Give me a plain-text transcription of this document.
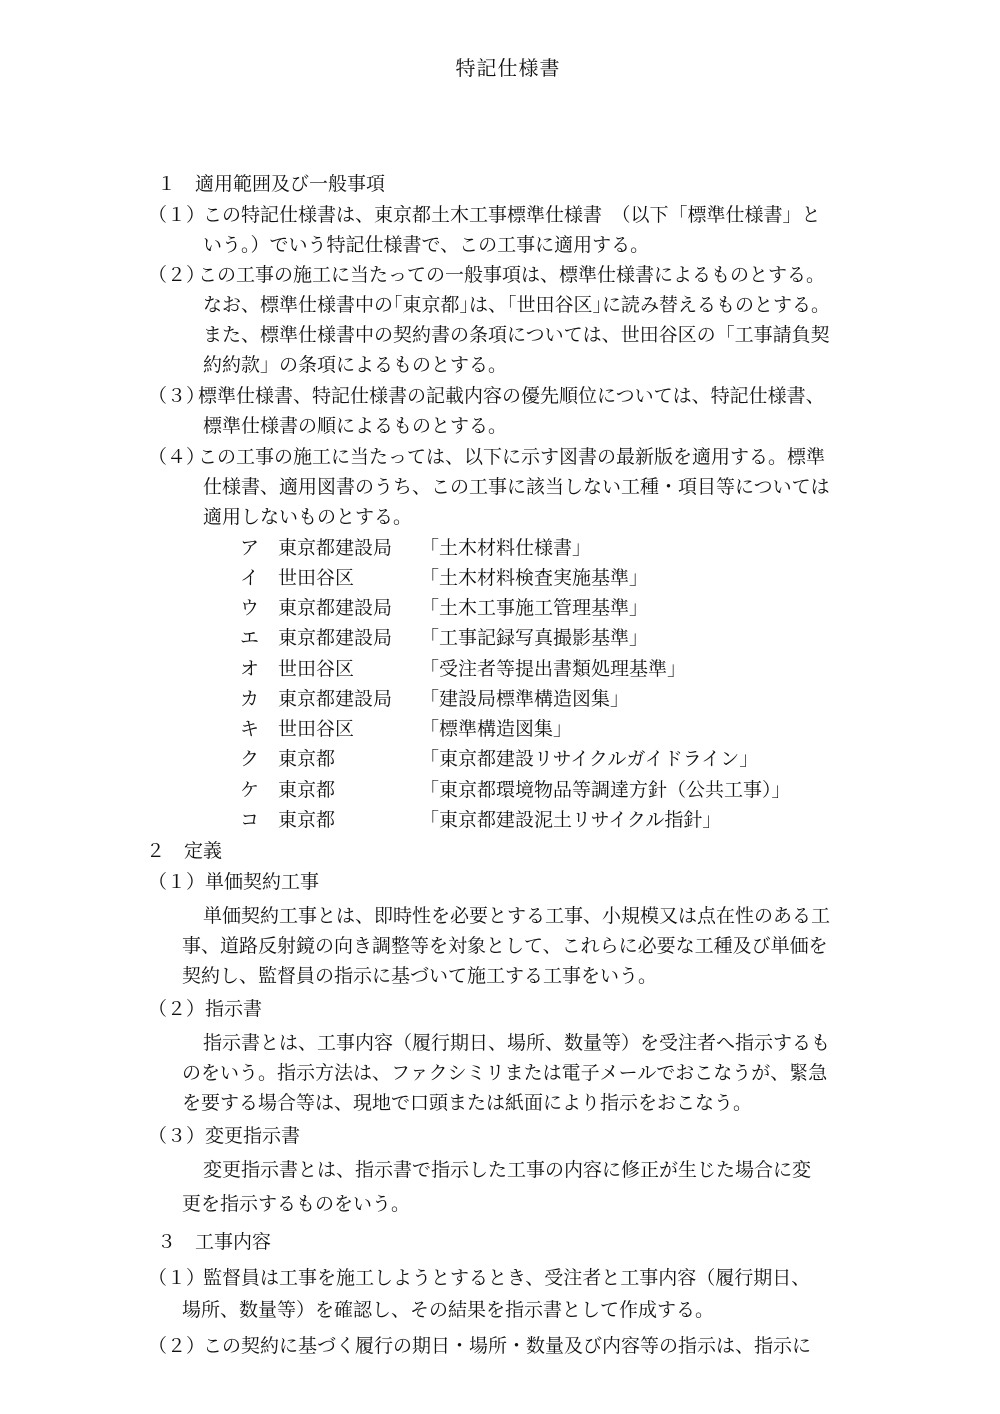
特記仕様書
１　適用範囲及び一般事項
（１）
この特記仕様書は、東京都土木工事標準仕様書　（以下「標準仕様書」と
いう。）でいう特記仕様書で、この工事に適用する。
（２）
この工事の施工に当たっての一般事項は、標準仕様書によるものとする。
なお、標準仕様書中の｢東京都｣は、｢世田谷区｣に読み替えるものとする。
また、標準仕様書中の契約書の条項については、世田谷区の「工事請負契
約約款」の条項によるものとする。
（３）
標準仕様書、特記仕様書の記載内容の優先順位については、特記仕様書、
標準仕様書の順によるものとする。
（４）
この工事の施工に当たっては、以下に示す図書の最新版を適用する。標準
仕様書、適用図書のうち、この工事に該当しない工種・項目等については
適用しないものとする。
ア 東京都建設局 「土木材料仕様書」
イ 世田谷区	「土木材料検査実施基準」
ウ 東京都建設局 「土木工事施工管理基準」
エ 東京都建設局 「工事記録写真撮影基準」
オ 世田谷区	「受注者等提出書類処理基準」
カ 東京都建設局 「建設局標準構造図集」
キ 世田谷区	「標準構造図集」
ク 東京都	「東京都建設リサイクルガイドライン」
ケ 東京都	「東京都環境物品等調達方針（公共工事）」
コ 東京都	「東京都建設泥土リサイクル指針」
２　定義
（１）単価契約工事
単価契約工事とは、即時性を必要とする工事、小規模又は点在性のある工
事、道路反射鏡の向き調整等を対象として、これらに必要な工種及び単価を
契約し、監督員の指示に基づいて施工する工事をいう。
（２）指示書
指示書とは、工事内容（履行期日、場所、数量等）を受注者へ指示するも
のをいう。指示方法は、ファクシミリまたは電子メールでおこなうが、緊急
を要する場合等は、現地で口頭または紙面により指示をおこなう。
（３）変更指示書
変更指示書とは、指示書で指示した工事の内容に修正が生じた場合に変
更を指示するものをいう。
３　工事内容
（１）
監督員は工事を施工しようとするとき、受注者と工事内容（履行期日、
場所、数量等）を確認し、その結果を指示書として作成する。
（２）
この契約に基づく履行の期日・場所・数量及び内容等の指示は、指示に
